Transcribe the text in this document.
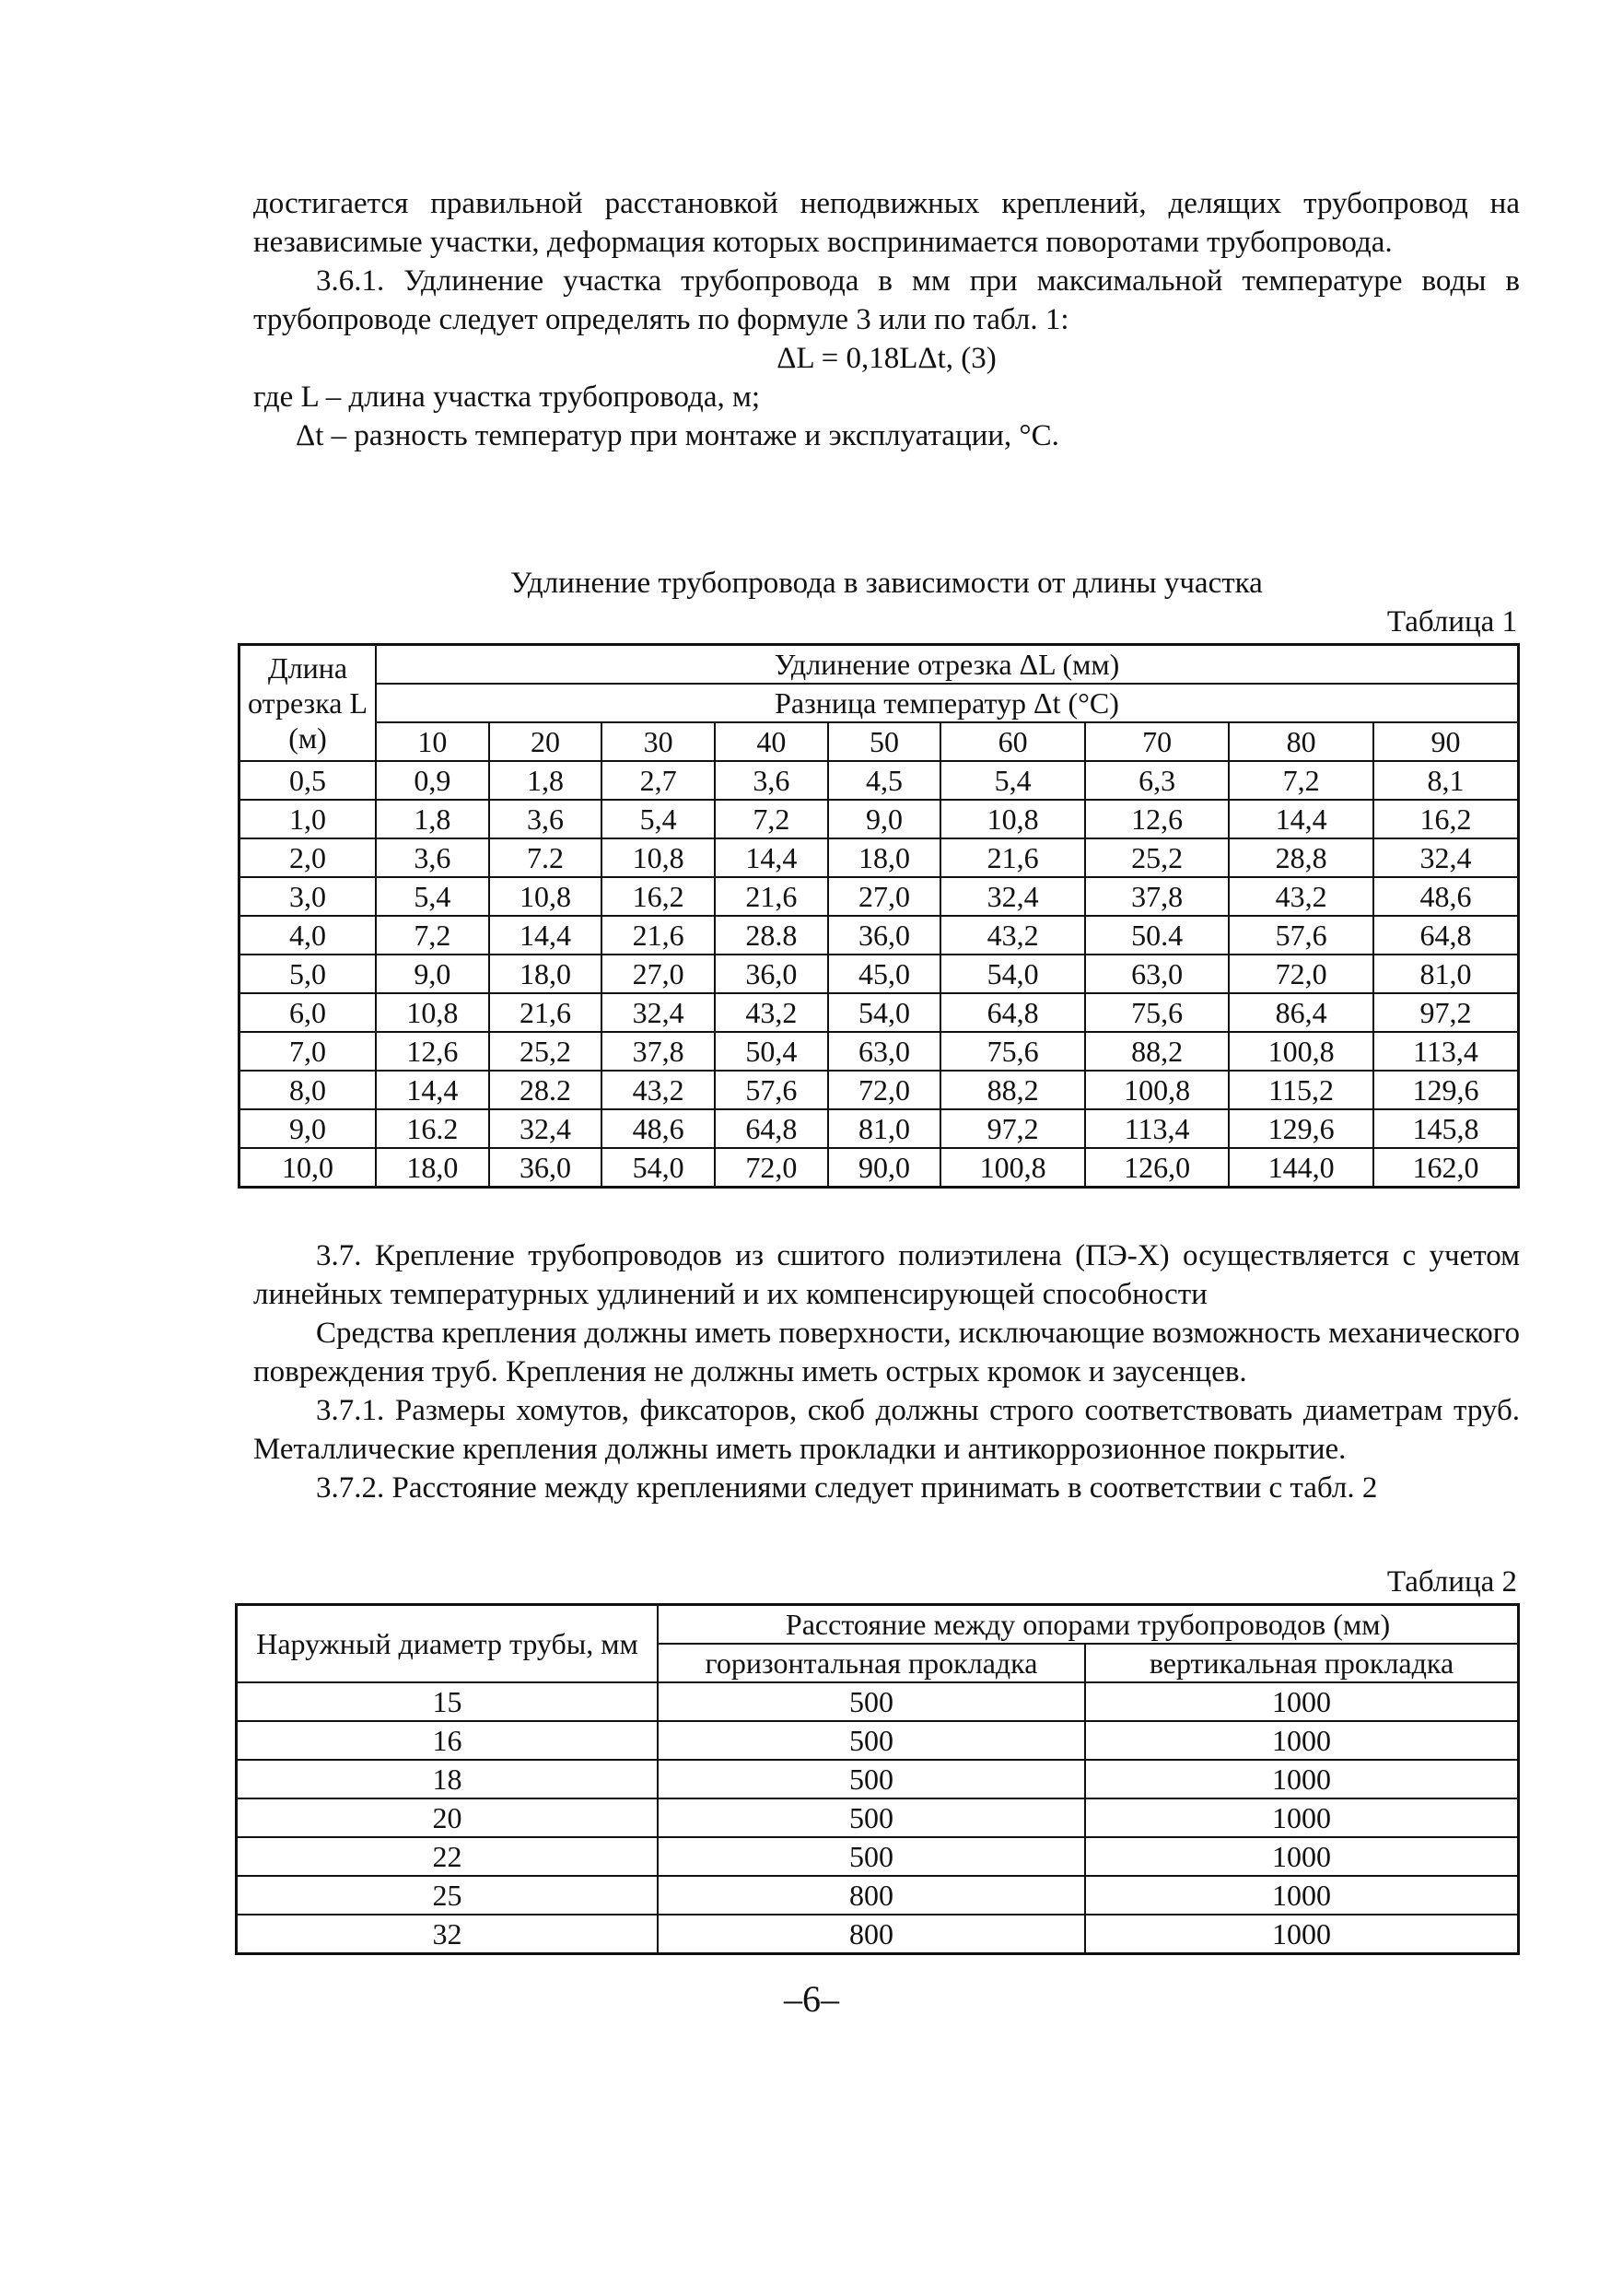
достигается правильной расстановкой неподвижных креплений, делящих трубопровод на независимые участки, деформация которых воспринимается поворотами трубопровода.

3.6.1. Удлинение участка трубопровода в мм при максимальной температуре воды в трубопроводе следует определять по формуле 3 или по табл. 1:

ΔL = 0,18LΔt, (3)

где L – длина участка трубопровода, м;

Δt – разность температур при монтаже и эксплуатации, °С.

Удлинение трубопровода в зависимости от длины участка
Таблица 1
Длина отрезка L (м)	Удлинение отрезка ΔL (мм)								
	Разница температур Δt (°С)								
	10	20	30	40	50	60	70	80	90
0,5	0,9	1,8	2,7	3,6	4,5	5,4	6,3	7,2	8,1
1,0	1,8	3,6	5,4	7,2	9,0	10,8	12,6	14,4	16,2
2,0	3,6	7.2	10,8	14,4	18,0	21,6	25,2	28,8	32,4
3,0	5,4	10,8	16,2	21,6	27,0	32,4	37,8	43,2	48,6
4,0	7,2	14,4	21,6	28.8	36,0	43,2	50.4	57,6	64,8
5,0	9,0	18,0	27,0	36,0	45,0	54,0	63,0	72,0	81,0
6,0	10,8	21,6	32,4	43,2	54,0	64,8	75,6	86,4	97,2
7,0	12,6	25,2	37,8	50,4	63,0	75,6	88,2	100,8	113,4
8,0	14,4	28.2	43,2	57,6	72,0	88,2	100,8	115,2	129,6
9,0	16.2	32,4	48,6	64,8	81,0	97,2	113,4	129,6	145,8
10,0	18,0	36,0	54,0	72,0	90,0	100,8	126,0	144,0	162,0

3.7. Крепление трубопроводов из сшитого полиэтилена (ПЭ-Х) осуществляется с учетом линейных температурных удлинений и их компенсирующей способности

Средства крепления должны иметь поверхности, исключающие возможность механического повреждения труб. Крепления не должны иметь острых кромок и заусенцев.

3.7.1. Размеры хомутов, фиксаторов, скоб должны строго соответствовать диаметрам труб. Металлические крепления должны иметь прокладки и антикоррозионное покрытие.

3.7.2. Расстояние между креплениями следует принимать в соответствии с табл. 2

Таблица 2
Наружный диаметр трубы, мм	Расстояние между опорами трубопроводов (мм)	
	горизонтальная прокладка	вертикальная прокладка
15	500	1000
16	500	1000
18	500	1000
20	500	1000
22	500	1000
25	800	1000
32	800	1000
–6–
